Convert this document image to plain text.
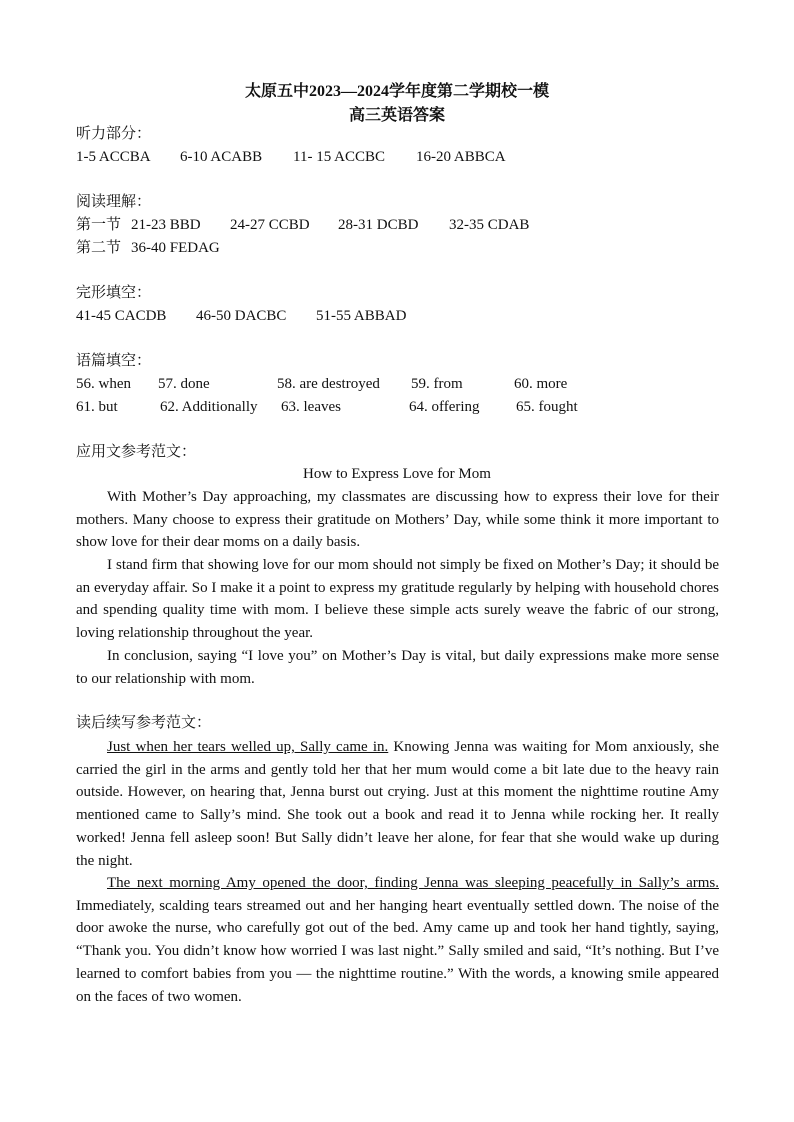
太原五中2023—2024学年度第二学期校一模
高三英语答案
听力部分：
1-5 ACCBA 6-10 ACABB 11- 15 ACCBC 16-20 ABBCA
阅读理解：
第一节 21-23 BBD 24-27 CCBD 28-31 DCBD 32-35 CDAB
第二节 36-40 FEDAG
完形填空：
41-45 CACDB 46-50 DACBC 51-55 ABBAD
语篇填空：
56. when 57. done	58. are destroyed 59. from	60. more
61. but	62. Additionally 63. leaves	64. offering 65. fought
应用文参考范文：
How to Express Love for Mom

With Mother’s Day approaching, my classmates are discussing how to express their love for their mothers. Many choose to express their gratitude on Mothers’ Day, while some think it more important to show love for their dear moms on a daily basis.

I stand firm that showing love for our mom should not simply be fixed on Mother’s Day; it should be an everyday affair. So I make it a point to express my gratitude regularly by helping with household chores and spending quality time with mom. I believe these simple acts surely weave the fabric of our strong, loving relationship throughout the year.

In conclusion, saying “I love you” on Mother’s Day is vital, but daily expressions make more sense to our relationship with mom.

读后续写参考范文：

Just when her tears welled up, Sally came in. Knowing Jenna was waiting for Mom anxiously, she carried the girl in the arms and gently told her that her mum would come a bit late due to the heavy rain outside. However, on hearing that, Jenna burst out crying. Just at this moment the nighttime routine Amy mentioned came to Sally’s mind. She took out a book and read it to Jenna while rocking her. It really worked! Jenna fell asleep soon! But Sally didn’t leave her alone, for fear that she would wake up during the night.

The next morning Amy opened the door, finding Jenna was sleeping peacefully in Sally’s arms. Immediately, scalding tears streamed out and her hanging heart eventually settled down. The noise of the door awoke the nurse, who carefully got out of the bed. Amy came up and took her hand tightly, saying, “Thank you. You didn’t know how worried I was last night.” Sally smiled and said, “It’s nothing. But I’ve learned to comfort babies from you — the nighttime routine.” With the words, a knowing smile appeared on the faces of two women.
